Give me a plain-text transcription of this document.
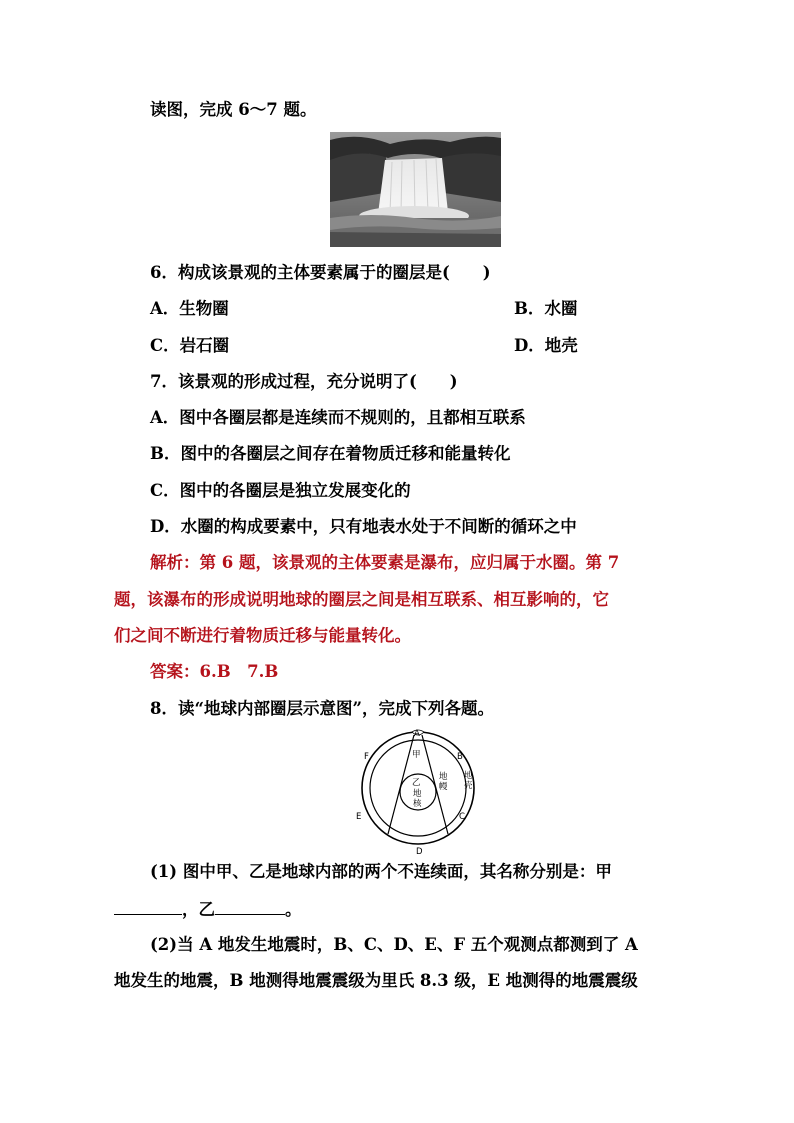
读图，完成 6～7 题。
6．构成该景观的主体要素属于的圈层是(　　)
A．生物圈	B．水圈
C．岩石圈	D．地壳
7．该景观的形成过程，充分说明了(　　)
A．图中各圈层都是连续而不规则的，且都相互联系
B．图中的各圈层之间存在着物质迁移和能量转化
C．图中的各圈层是独立发展变化的
D．水圈的构成要素中，只有地表水处于不间断的循环之中
解析：第 6 题，该景观的主体要素是瀑布，应归属于水圈。第 7
题，该瀑布的形成说明地球的圈层之间是相互联系、相互影响的，它
们之间不断进行着物质迁移与能量转化。
答案：6.B　7.B
8．读“地球内部圈层示意图”，完成下列各题。
A
B
C
D
E
F	甲
乙
地
核
地
幔
地
壳
(1) 图中甲、乙是地球内部的两个不连续面，其名称分别是：甲
，乙	。
(2)当 A 地发生地震时，B、C、D、E、F 五个观测点都测到了 A
地发生的地震，B 地测得地震震级为里氏 8.3 级，E 地测得的地震震级
